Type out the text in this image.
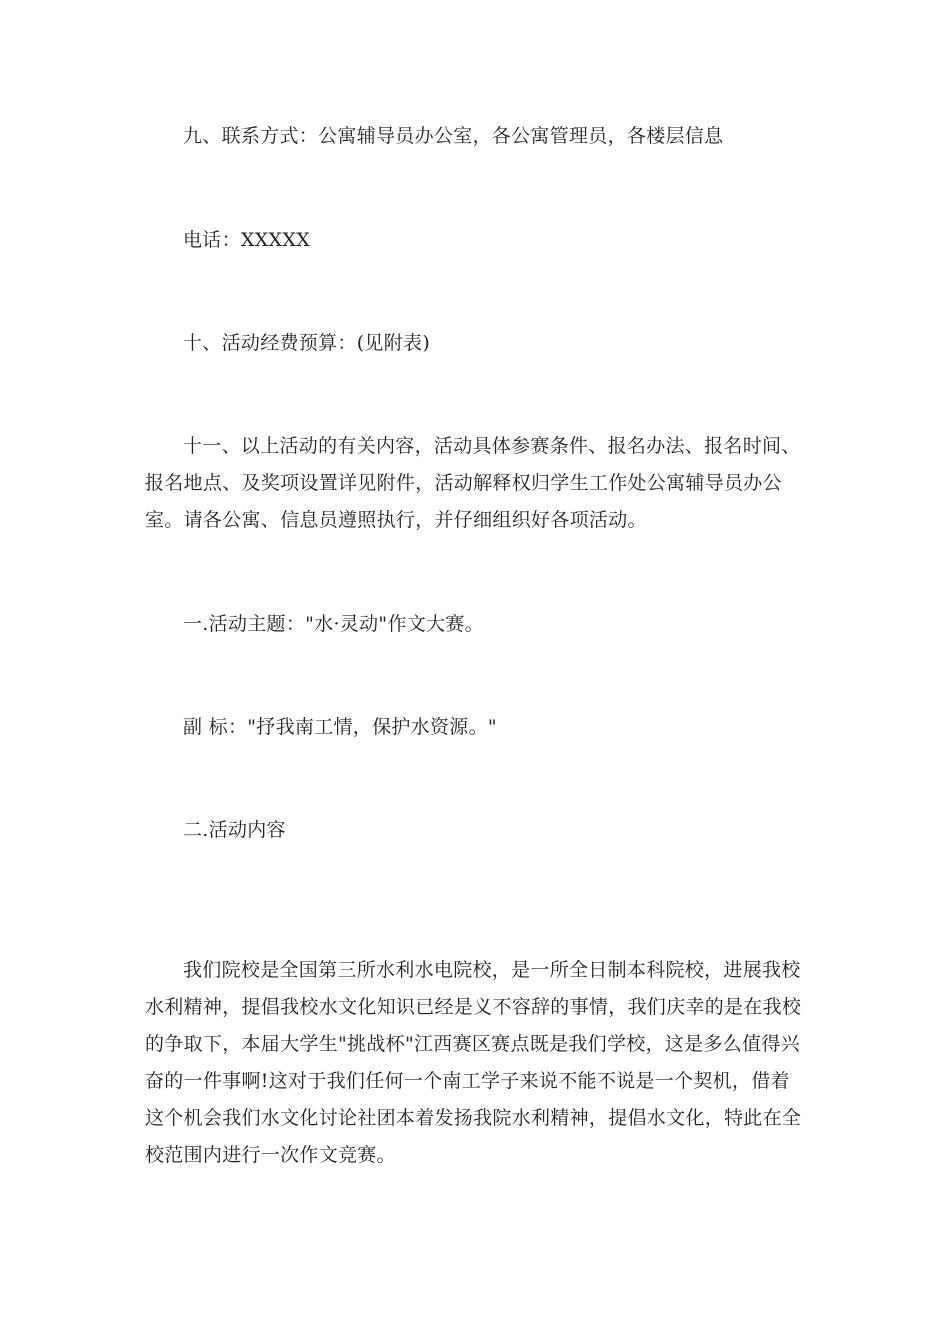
九、联系方式：公寓辅导员办公室，各公寓管理员，各楼层信息

电话：XXXXX

十、活动经费预算：(见附表)

十一、以上活动的有关内容，活动具体参赛条件、报名办法、报名时间、报名地点、及奖项设置详见附件，活动解释权归学生工作处公寓辅导员办公室。请各公寓、信息员遵照执行，并仔细组织好各项活动。

一.活动主题："水·灵动"作文大赛。

副 标："抒我南工情，保护水资源。"

二.活动内容

我们院校是全国第三所水利水电院校，是一所全日制本科院校，进展我校水利精神，提倡我校水文化知识已经是义不容辞的事情，我们庆幸的是在我校的争取下，本届大学生"挑战杯"江西赛区赛点既是我们学校，这是多么值得兴奋的一件事啊!这对于我们任何一个南工学子来说不能不说是一个契机，借着这个机会我们水文化讨论社团本着发扬我院水利精神，提倡水文化，特此在全校范围内进行一次作文竞赛。
